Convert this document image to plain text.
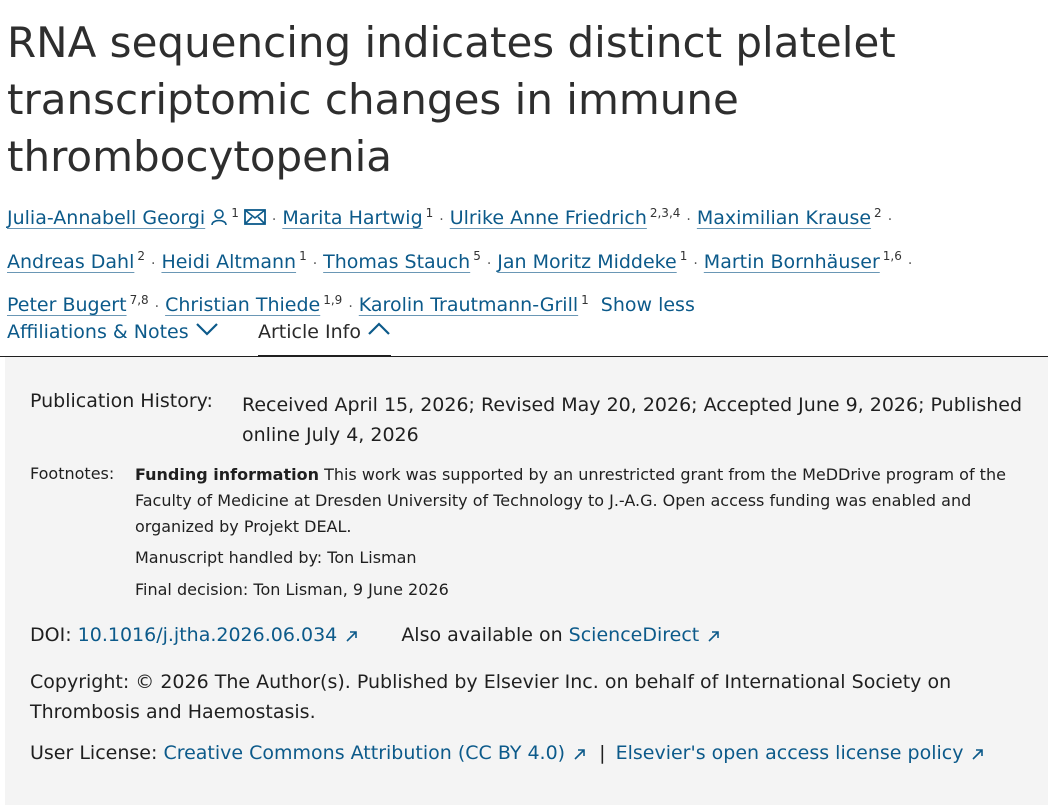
RNA sequencing indicates distinct platelet transcriptomic changes in immune thrombocytopenia
Julia-Annabell Georgi $^1$ · Marita Hartwig $^1$ · Ulrike Anne Friedrich $^{2,3,4}$ · Maximilian Krause $^2$ ·
Andreas Dahl $^2$ · Heidi Altmann $^1$ · Thomas Stauch $^5$ · Jan Moritz Middeke $^1$ · Martin Bornhäuser $^{1,6}$ ·
Peter Bugert $^{7,8}$ · Christian Thiede $^{1,9}$ · Karolin Trautmann-Grill $^1$ Show less
Affiliations & Notes	Article Info
Publication History: Received April 15, 2026; Revised May 20, 2026; Accepted June 9, 2026; Published online July 4, 2026
Footnotes: Funding information This work was supported by an unrestricted grant from the MeDDrive program of the Faculty of Medicine at Dresden University of Technology to J.-A.G. Open access funding was enabled and organized by Projekt DEAL.
Manuscript handled by: Ton Lisman
Final decision: Ton Lisman, 9 June 2026
DOI: 10.1016/j.jtha.2026.06.034	Also available on ScienceDirect
Copyright: © 2026 The Author(s). Published by Elsevier Inc. on behalf of International Society on Thrombosis and Haemostasis.
User License: Creative Commons Attribution (CC BY 4.0) | Elsevier's open access license policy
